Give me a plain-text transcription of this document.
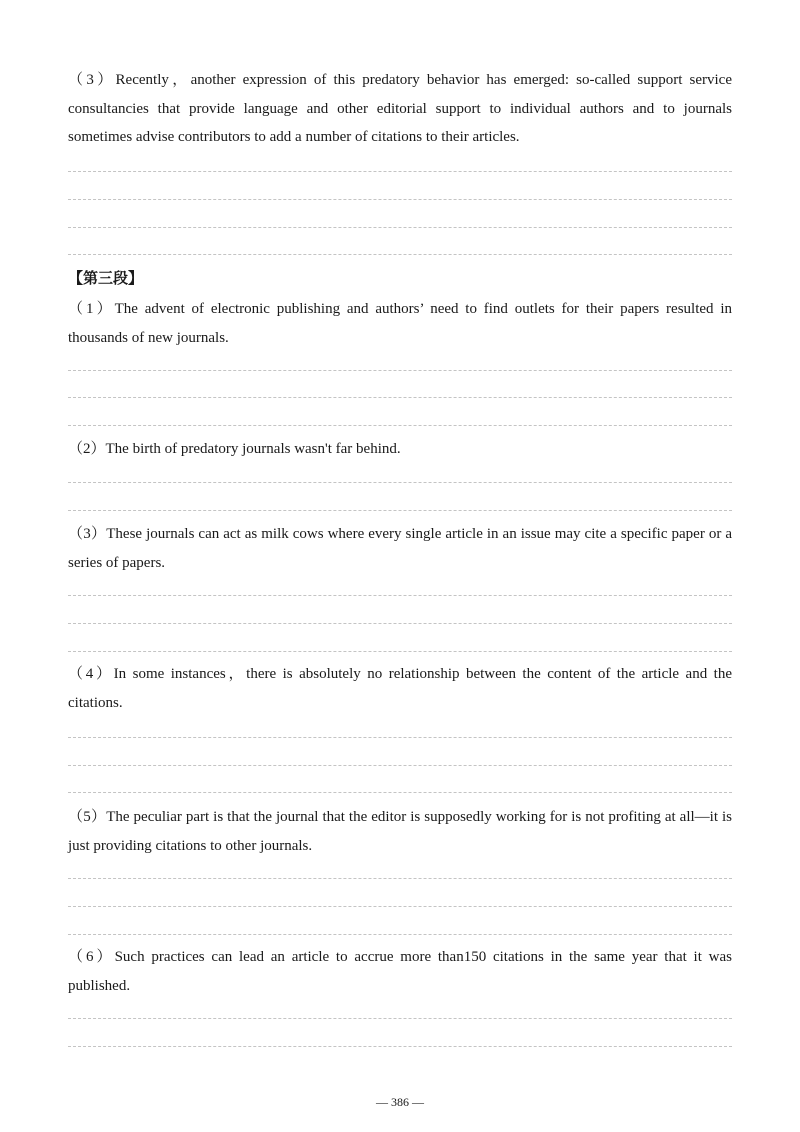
（3）Recently，another expression of this predatory behavior has emerged: so-called support service consultancies that provide language and other editorial support to individual authors and to journals sometimes advise contributors to add a number of citations to their articles.
【第三段】
（1）The advent of electronic publishing and authors’ need to find outlets for their papers resulted in thousands of new journals.
（2）The birth of predatory journals wasn't far behind.
（3）These journals can act as milk cows where every single article in an issue may cite a specific paper or a series of papers.
（4）In some instances，there is absolutely no relationship between the content of the article and the citations.
（5）The peculiar part is that the journal that the editor is supposedly working for is not profiting at all—it is just providing citations to other journals.
（6）Such practices can lead an article to accrue more than150 citations in the same year that it was published.
— 386 —
